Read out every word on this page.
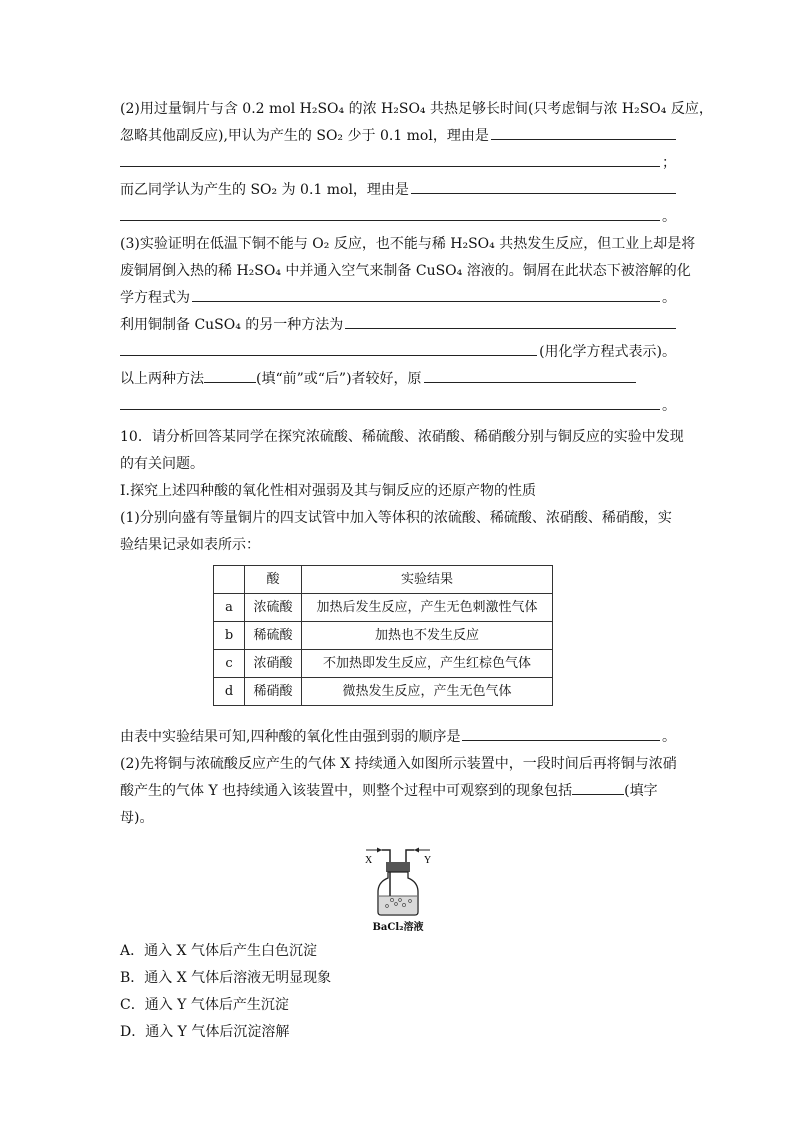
(2)用过量铜片与含 0.2 mol H₂SO₄ 的浓 H₂SO₄ 共热足够长时间(只考虑铜与浓 H₂SO₄ 反应，
忽略其他副反应),甲认为产生的 SO₂ 少于 0.1 mol，理由是
；
而乙同学认为产生的 SO₂ 为 0.1 mol，理由是
。
(3)实验证明在低温下铜不能与 O₂ 反应，也不能与稀 H₂SO₄ 共热发生反应，但工业上却是将
废铜屑倒入热的稀 H₂SO₄ 中并通入空气来制备 CuSO₄ 溶液的。铜屑在此状态下被溶解的化
学方程式为	。
利用铜制备 CuSO₄ 的另一种方法为
(用化学方程式表示)。
以上两种方法	(填“前”或“后”)者较好，原
。
10．请分析回答某同学在探究浓硫酸、稀硫酸、浓硝酸、稀硝酸分别与铜反应的实验中发现
的有关问题。
Ⅰ.探究上述四种酸的氧化性相对强弱及其与铜反应的还原产物的性质
(1)分别向盛有等量铜片的四支试管中加入等体积的浓硫酸、稀硫酸、浓硝酸、稀硝酸，实
验结果记录如表所示：
	酸	实验结果
a	浓硫酸	加热后发生反应，产生无色刺激性气体
b	稀硫酸	加热也不发生反应
c	浓硝酸	不加热即发生反应，产生红棕色气体
d	稀硝酸	微热发生反应，产生无色气体
由表中实验结果可知,四种酸的氧化性由强到弱的顺序是	。
(2)先将铜与浓硫酸反应产生的气体 X 持续通入如图所示装置中，一段时间后再将铜与浓硝
酸产生的气体 Y 也持续通入该装置中，则整个过程中可观察到的现象包括	(填字
母)。
X	Y
BaCl₂溶液
A．通入 X 气体后产生白色沉淀
B．通入 X 气体后溶液无明显现象
C．通入 Y 气体后产生沉淀
D．通入 Y 气体后沉淀溶解
